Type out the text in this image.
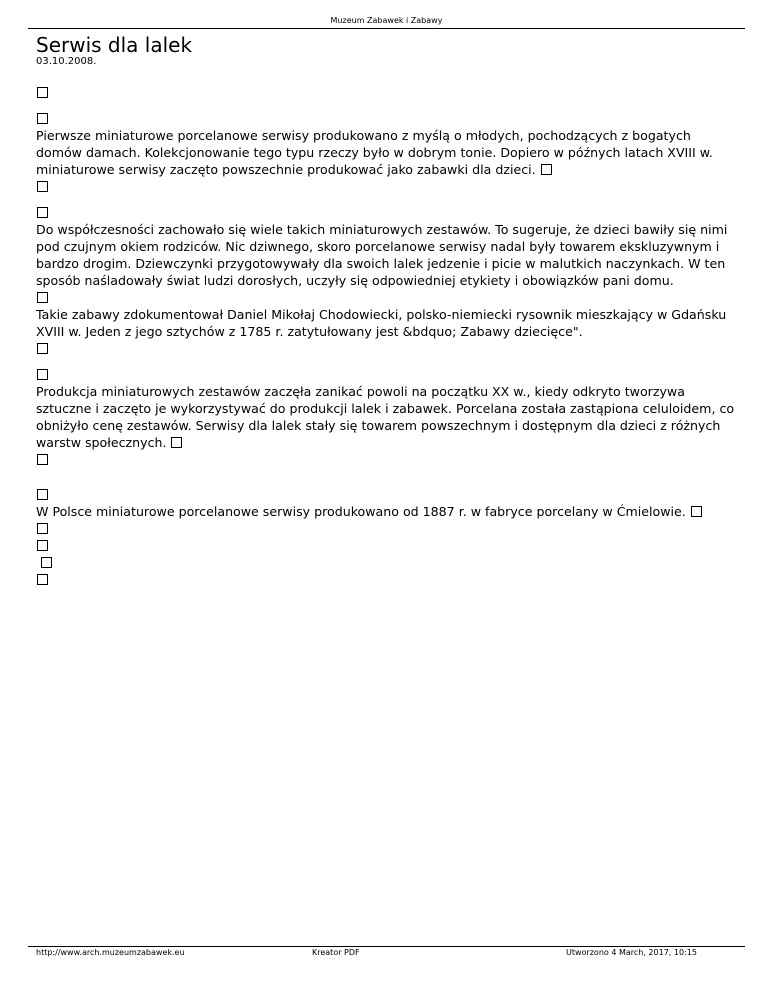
Muzeum Zabawek i Zabawy
Serwis dla lalek
03.10.2008.
Pierwsze miniaturowe porcelanowe serwisy produkowano z myślą o młodych, pochodzących z bogatych domów damach. Kolekcjonowanie tego typu rzeczy było w dobrym tonie. Dopiero w późnych latach XVIII w. miniaturowe serwisy zaczęto powszechnie produkować jako zabawki dla dzieci.
Do współczesności zachowało się wiele takich miniaturowych zestawów. To sugeruje, że dzieci bawiły się nimi pod czujnym okiem rodziców. Nic dziwnego, skoro porcelanowe serwisy nadal były towarem ekskluzywnym i bardzo drogim. Dziewczynki przygotowywały dla swoich lalek jedzenie i picie w malutkich naczynkach. W ten sposób naśladowały świat ludzi dorosłych, uczyły się odpowiedniej etykiety i obowiązków pani domu.
Takie zabawy zdokumentował Daniel Mikołaj Chodowiecki, polsko-niemiecki rysownik mieszkający w Gdańsku XVIII w. Jeden z jego sztychów z 1785 r. zatytułowany jest &bdquo; Zabawy dziecięce".
Produkcja miniaturowych zestawów zaczęła zanikać powoli na początku XX w., kiedy odkryto tworzywa sztuczne i zaczęto je wykorzystywać do produkcji lalek i zabawek. Porcelana została zastąpiona celuloidem, co obniżyło cenę zestawów. Serwisy dla lalek stały się towarem powszechnym i dostępnym dla dzieci z różnych warstw społecznych.
W Polsce miniaturowe porcelanowe serwisy produkowano od 1887 r. w fabryce porcelany w Ćmielowie.

http://www.arch.muzeumzabawek.eu	Kreator PDF	Utworzono 4 March, 2017, 10:15
